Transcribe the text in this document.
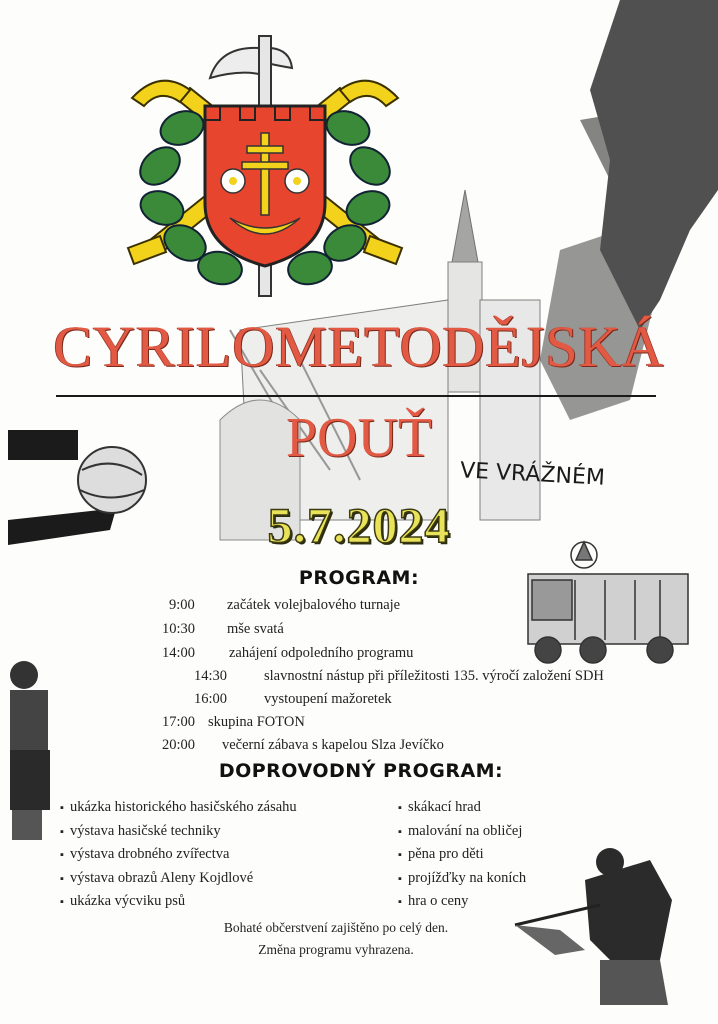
CYRILOMETODĚJSKÁ
POUŤ
VE VRÁŽNÉM
5.7.2024
PROGRAM:
9:00 začátek volejbalového turnaje
10:30 mše svatá
14:00 zahájení odpoledního programu
14:30	slavnostní nástup při příležitosti 135. výročí založení SDH
16:00	vystoupení mažoretek
17:00 skupina FOTON
20:00 večerní zábava s kapelou Slza Jevíčko
DOPROVODNÝ PROGRAM:
▪ ukázka historického hasičského zásahu
▪ výstava hasičské techniky
▪ výstava drobného zvířectva
▪ výstava obrazů Aleny Kojdlové
▪ ukázka výcviku psů
▪ skákací hrad
▪ malování na obličej
▪ pěna pro děti
▪ projížďky na koních
▪ hra o ceny
Bohaté občerstvení zajištěno po celý den.
Změna programu vyhrazena.
